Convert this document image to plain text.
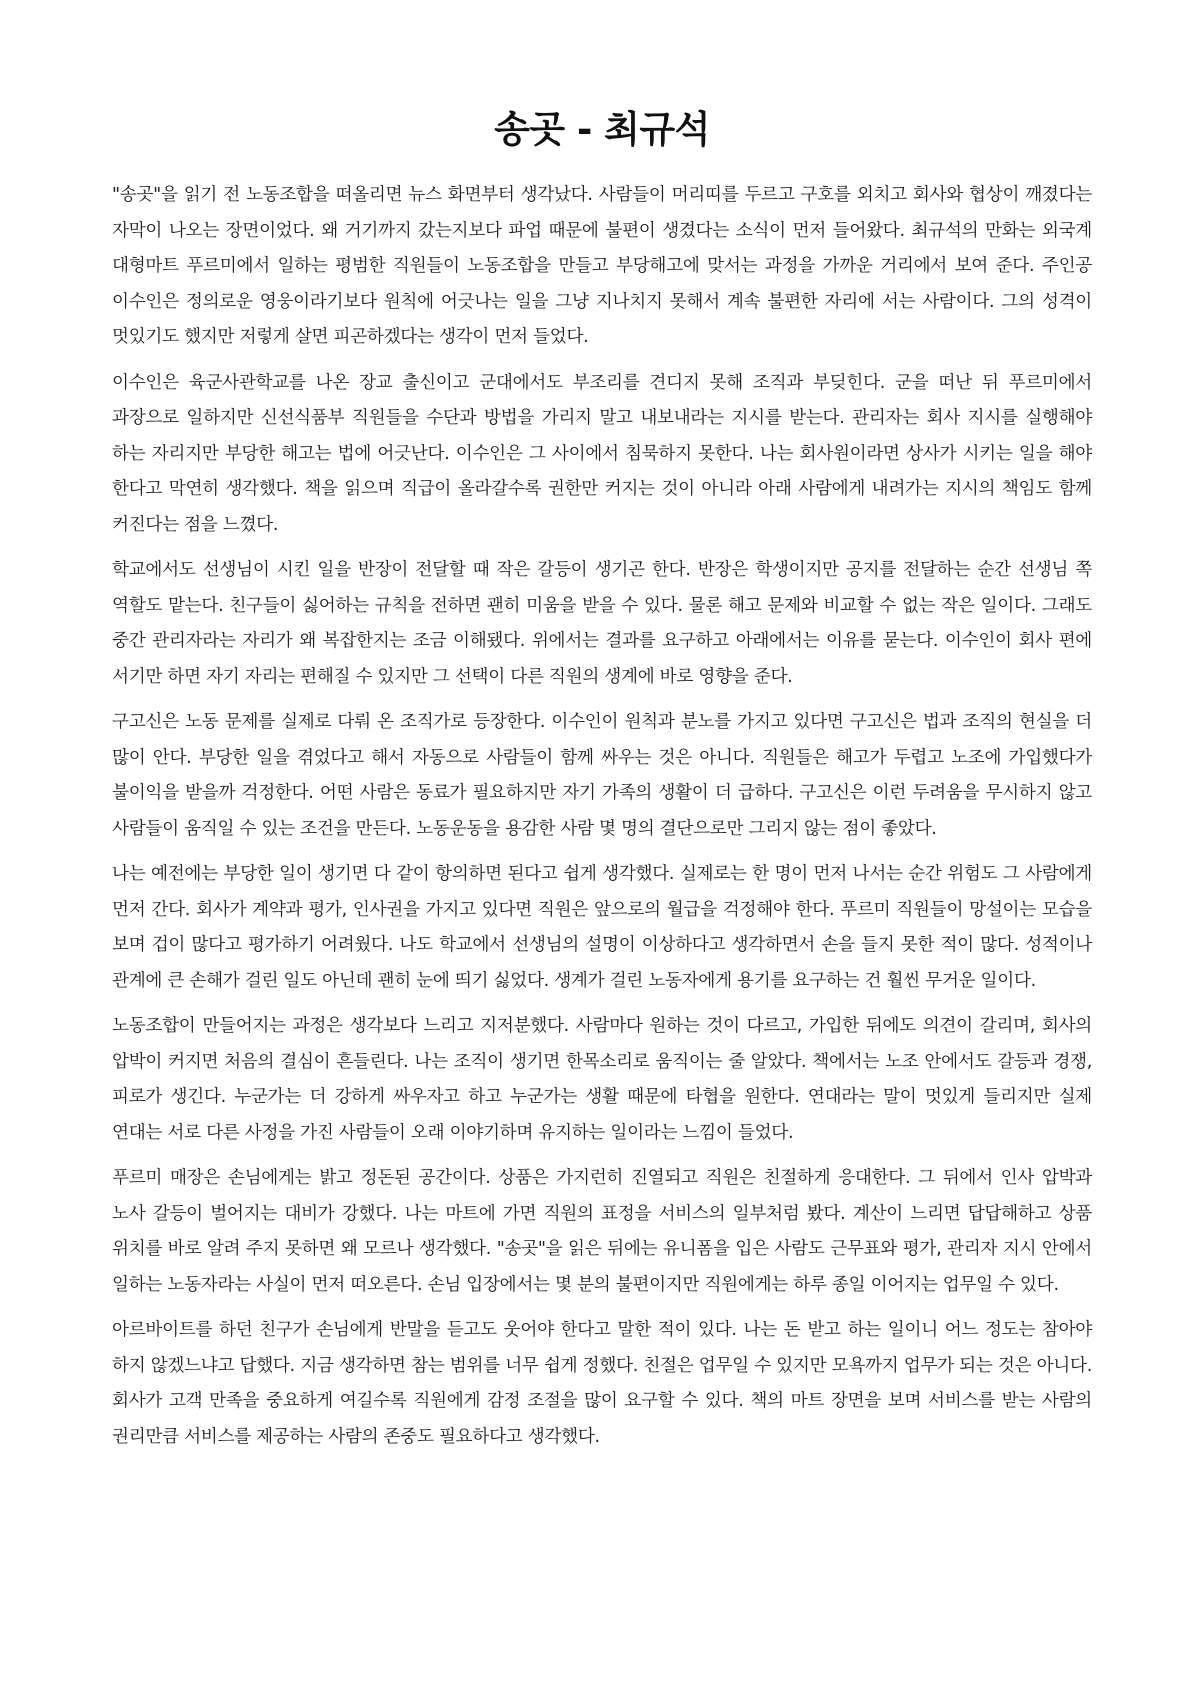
송곳 - 최규석

"송곳"을 읽기 전 노동조합을 떠올리면 뉴스 화면부터 생각났다. 사람들이 머리띠를 두르고 구호를 외치고 회사와 협상이 깨졌다는 자막이 나오는 장면이었다. 왜 거기까지 갔는지보다 파업 때문에 불편이 생겼다는 소식이 먼저 들어왔다. 최규석의 만화는 외국계 대형마트 푸르미에서 일하는 평범한 직원들이 노동조합을 만들고 부당해고에 맞서는 과정을 가까운 거리에서 보여 준다. 주인공 이수인은 정의로운 영웅이라기보다 원칙에 어긋나는 일을 그냥 지나치지 못해서 계속 불편한 자리에 서는 사람이다. 그의 성격이 멋있기도 했지만 저렇게 살면 피곤하겠다는 생각이 먼저 들었다.

이수인은 육군사관학교를 나온 장교 출신이고 군대에서도 부조리를 견디지 못해 조직과 부딪힌다. 군을 떠난 뒤 푸르미에서 과장으로 일하지만 신선식품부 직원들을 수단과 방법을 가리지 말고 내보내라는 지시를 받는다. 관리자는 회사 지시를 실행해야 하는 자리지만 부당한 해고는 법에 어긋난다. 이수인은 그 사이에서 침묵하지 못한다. 나는 회사원이라면 상사가 시키는 일을 해야 한다고 막연히 생각했다. 책을 읽으며 직급이 올라갈수록 권한만 커지는 것이 아니라 아래 사람에게 내려가는 지시의 책임도 함께 커진다는 점을 느꼈다.

학교에서도 선생님이 시킨 일을 반장이 전달할 때 작은 갈등이 생기곤 한다. 반장은 학생이지만 공지를 전달하는 순간 선생님 쪽 역할도 맡는다. 친구들이 싫어하는 규칙을 전하면 괜히 미움을 받을 수 있다. 물론 해고 문제와 비교할 수 없는 작은 일이다. 그래도 중간 관리자라는 자리가 왜 복잡한지는 조금 이해됐다. 위에서는 결과를 요구하고 아래에서는 이유를 묻는다. 이수인이 회사 편에 서기만 하면 자기 자리는 편해질 수 있지만 그 선택이 다른 직원의 생계에 바로 영향을 준다.

구고신은 노동 문제를 실제로 다뤄 온 조직가로 등장한다. 이수인이 원칙과 분노를 가지고 있다면 구고신은 법과 조직의 현실을 더 많이 안다. 부당한 일을 겪었다고 해서 자동으로 사람들이 함께 싸우는 것은 아니다. 직원들은 해고가 두렵고 노조에 가입했다가 불이익을 받을까 걱정한다. 어떤 사람은 동료가 필요하지만 자기 가족의 생활이 더 급하다. 구고신은 이런 두려움을 무시하지 않고 사람들이 움직일 수 있는 조건을 만든다. 노동운동을 용감한 사람 몇 명의 결단으로만 그리지 않는 점이 좋았다.

나는 예전에는 부당한 일이 생기면 다 같이 항의하면 된다고 쉽게 생각했다. 실제로는 한 명이 먼저 나서는 순간 위험도 그 사람에게 먼저 간다. 회사가 계약과 평가, 인사권을 가지고 있다면 직원은 앞으로의 월급을 걱정해야 한다. 푸르미 직원들이 망설이는 모습을 보며 겁이 많다고 평가하기 어려웠다. 나도 학교에서 선생님의 설명이 이상하다고 생각하면서 손을 들지 못한 적이 많다. 성적이나 관계에 큰 손해가 걸린 일도 아닌데 괜히 눈에 띄기 싫었다. 생계가 걸린 노동자에게 용기를 요구하는 건 훨씬 무거운 일이다.

노동조합이 만들어지는 과정은 생각보다 느리고 지저분했다. 사람마다 원하는 것이 다르고, 가입한 뒤에도 의견이 갈리며, 회사의 압박이 커지면 처음의 결심이 흔들린다. 나는 조직이 생기면 한목소리로 움직이는 줄 알았다. 책에서는 노조 안에서도 갈등과 경쟁, 피로가 생긴다. 누군가는 더 강하게 싸우자고 하고 누군가는 생활 때문에 타협을 원한다. 연대라는 말이 멋있게 들리지만 실제 연대는 서로 다른 사정을 가진 사람들이 오래 이야기하며 유지하는 일이라는 느낌이 들었다.

푸르미 매장은 손님에게는 밝고 정돈된 공간이다. 상품은 가지런히 진열되고 직원은 친절하게 응대한다. 그 뒤에서 인사 압박과 노사 갈등이 벌어지는 대비가 강했다. 나는 마트에 가면 직원의 표정을 서비스의 일부처럼 봤다. 계산이 느리면 답답해하고 상품 위치를 바로 알려 주지 못하면 왜 모르나 생각했다. "송곳"을 읽은 뒤에는 유니폼을 입은 사람도 근무표와 평가, 관리자 지시 안에서 일하는 노동자라는 사실이 먼저 떠오른다. 손님 입장에서는 몇 분의 불편이지만 직원에게는 하루 종일 이어지는 업무일 수 있다.

아르바이트를 하던 친구가 손님에게 반말을 듣고도 웃어야 한다고 말한 적이 있다. 나는 돈 받고 하는 일이니 어느 정도는 참아야 하지 않겠느냐고 답했다. 지금 생각하면 참는 범위를 너무 쉽게 정했다. 친절은 업무일 수 있지만 모욕까지 업무가 되는 것은 아니다. 회사가 고객 만족을 중요하게 여길수록 직원에게 감정 조절을 많이 요구할 수 있다. 책의 마트 장면을 보며 서비스를 받는 사람의 권리만큼 서비스를 제공하는 사람의 존중도 필요하다고 생각했다.
